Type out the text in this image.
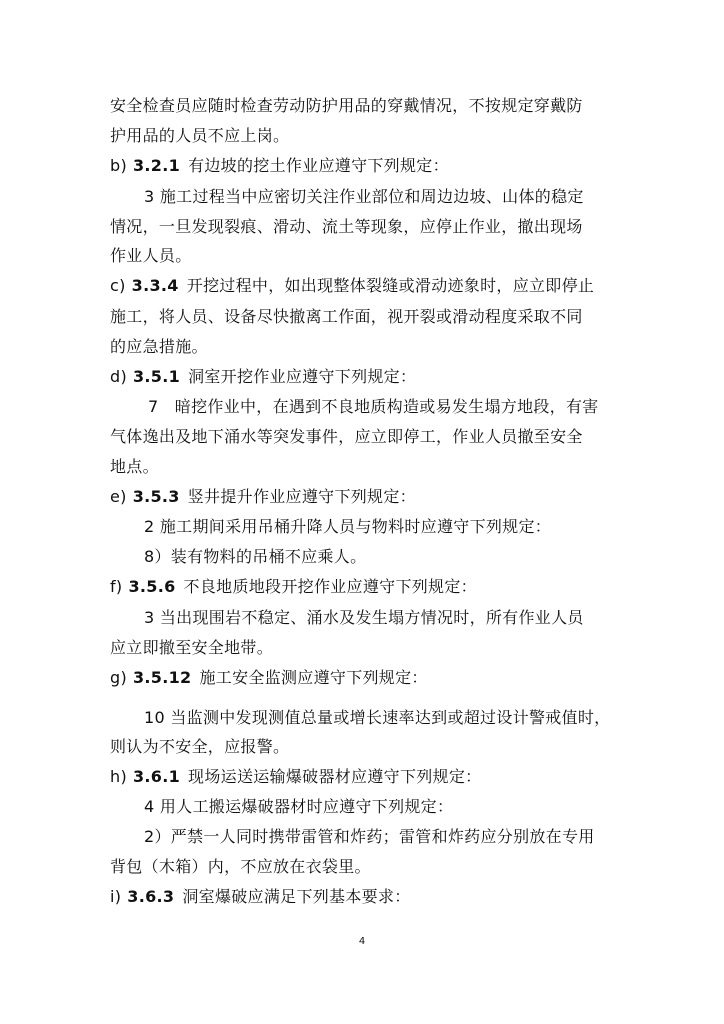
安全检查员应随时检查劳动防护用品的穿戴情况，不按规定穿戴防
护用品的人员不应上岗。
b) 3.2.1 有边坡的挖土作业应遵守下列规定：
3 施工过程当中应密切关注作业部位和周边边坡、山体的稳定
情况，一旦发现裂痕、滑动、流土等现象，应停止作业，撤出现场
作业人员。
c) 3.3.4 开挖过程中，如出现整体裂缝或滑动迹象时，应立即停止
施工，将人员、设备尽快撤离工作面，视开裂或滑动程度采取不同
的应急措施。
d) 3.5.1 洞室开挖作业应遵守下列规定：
7　暗挖作业中，在遇到不良地质构造或易发生塌方地段，有害
气体逸出及地下涌水等突发事件，应立即停工，作业人员撤至安全
地点。
e) 3.5.3 竖井提升作业应遵守下列规定：
2 施工期间采用吊桶升降人员与物料时应遵守下列规定：
8）装有物料的吊桶不应乘人。
f) 3.5.6 不良地质地段开挖作业应遵守下列规定：
3 当出现围岩不稳定、涌水及发生塌方情况时，所有作业人员
应立即撤至安全地带。
g) 3.5.12 施工安全监测应遵守下列规定：
10 当监测中发现测值总量或增长速率达到或超过设计警戒值时，
则认为不安全，应报警。
h) 3.6.1 现场运送运输爆破器材应遵守下列规定：
4 用人工搬运爆破器材时应遵守下列规定：
2）严禁一人同时携带雷管和炸药；雷管和炸药应分别放在专用
背包（木箱）内，不应放在衣袋里。
i) 3.6.3 洞室爆破应满足下列基本要求：
4
